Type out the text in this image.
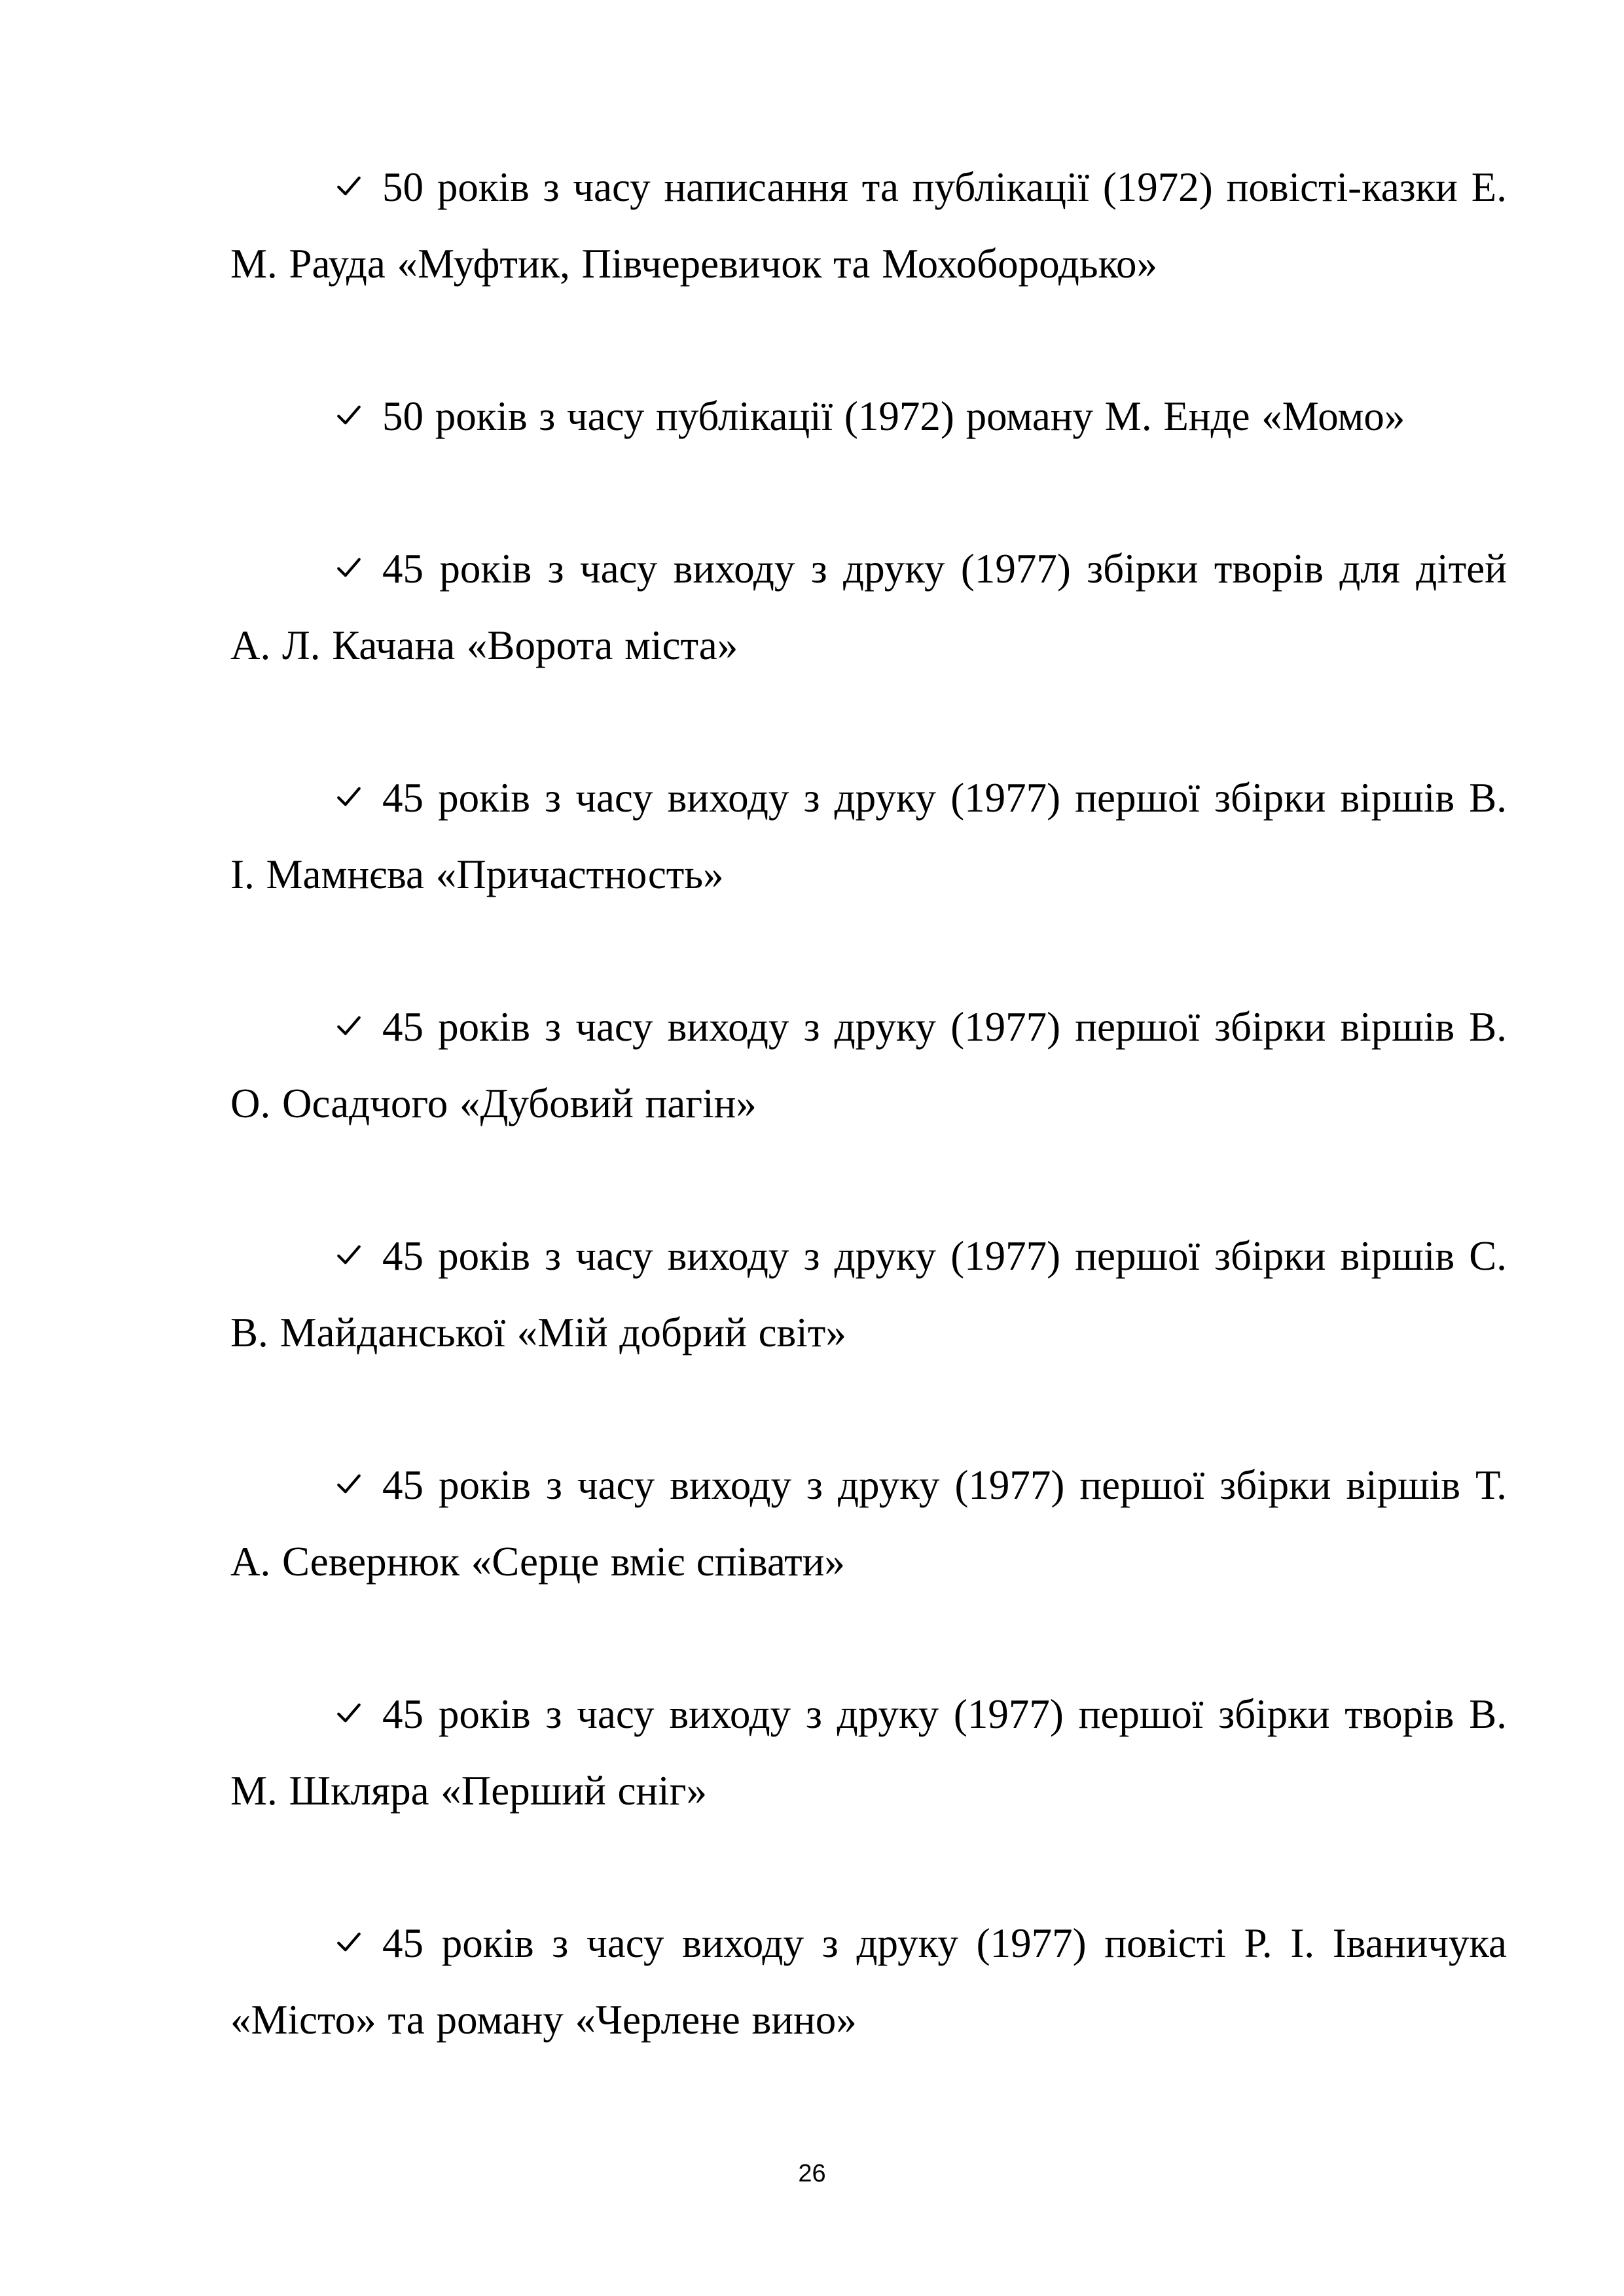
50 років з часу написання та публікації (1972) повісті-казки Е. М. Рауда «Муфтик, Півчеревичок та Мохобородько»

50 років з часу публікації (1972) роману М. Енде «Момо»

45 років з часу виходу з друку (1977) збірки творів для дітей А. Л. Качана «Ворота міста»

45 років з часу виходу з друку (1977) першої збірки віршів В. І. Мамнєва «Причастность»

45 років з часу виходу з друку (1977) першої збірки віршів В. О. Осадчого «Дубовий пагін»

45 років з часу виходу з друку (1977) першої збірки віршів С. В. Майданської «Мій добрий світ»

45 років з часу виходу з друку (1977) першої збірки віршів Т. А. Севернюк «Серце вміє співати»

45 років з часу виходу з друку (1977) першої збірки творів В. М. Шкляра «Перший сніг»

45 років з часу виходу з друку (1977) повісті Р. І. Іваничука «Місто» та роману «Черлене вино»

26
